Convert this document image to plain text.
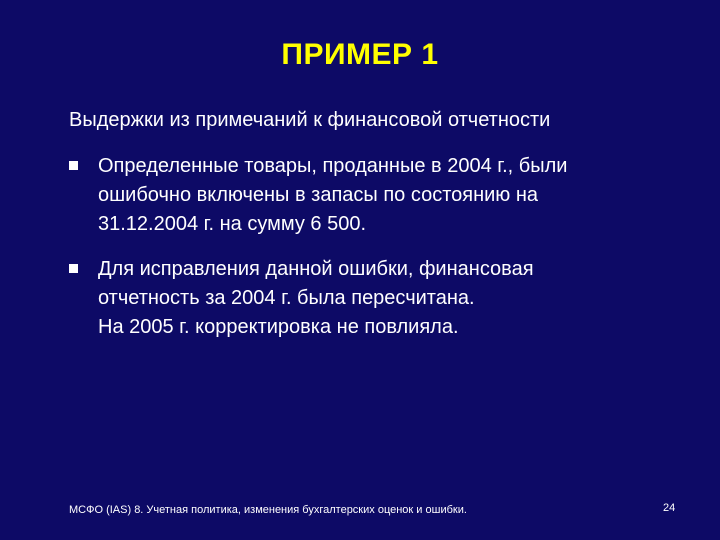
ПРИМЕР 1
Выдержки из примечаний к финансовой отчетности
Определенные товары, проданные в 2004 г., были
ошибочно включены в запасы по состоянию на
31.12.2004 г. на сумму 6 500.
Для исправления данной ошибки, финансовая
отчетность за 2004 г. была пересчитана.
На 2005 г. корректировка не повлияла.
МСФО (IAS) 8. Учетная политика, изменения бухгалтерских оценок и ошибки.	24
